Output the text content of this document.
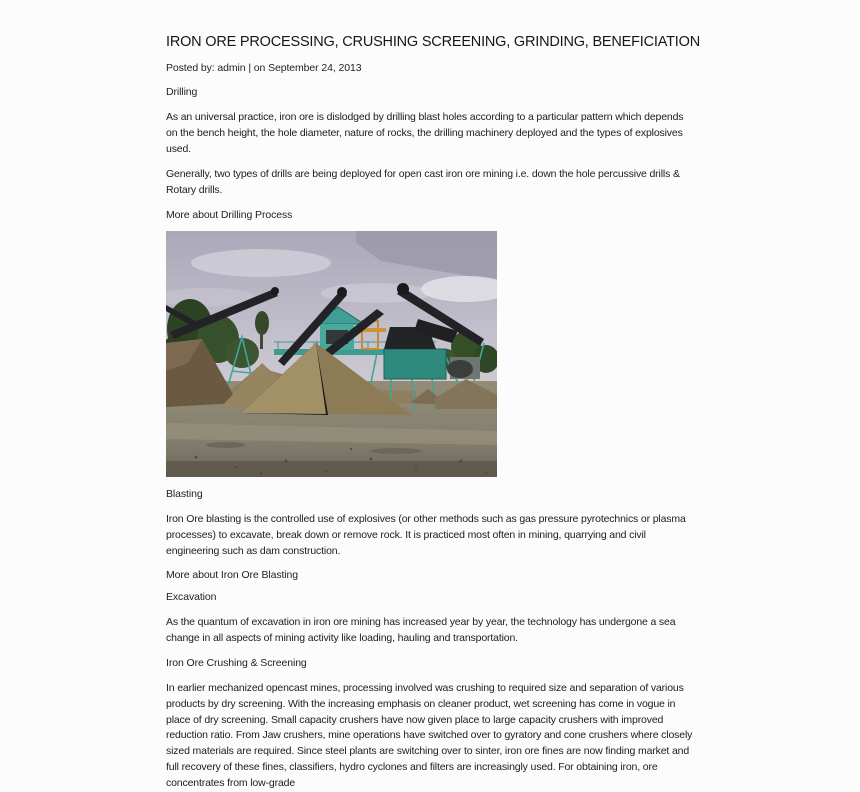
IRON ORE PROCESSING, CRUSHING SCREENING, GRINDING, BENEFICIATION
Posted by: admin | on September 24, 2013
Drilling

As an universal practice, iron ore is dislodged by drilling blast holes according to a particular pattern which depends on the bench height, the hole diameter, nature of rocks, the drilling machinery deployed and the types of explosives used.

Generally, two types of drills are being deployed for open cast iron ore mining i.e. down the hole percussive drills & Rotary drills.

More about Drilling Process
Blasting

Iron Ore blasting is the controlled use of explosives (or other methods such as gas pressure pyrotechnics or plasma processes) to excavate, break down or remove rock. It is practiced most often in mining, quarrying and civil engineering such as dam construction.

More about Iron Ore Blasting
Excavation

As the quantum of excavation in iron ore mining has increased year by year, the technology has undergone a sea change in all aspects of mining activity like loading, hauling and transportation.

Iron Ore Crushing & Screening

In earlier mechanized opencast mines, processing involved was crushing to required size and separation of various products by dry screening. With the increasing emphasis on cleaner product, wet screening has come in vogue in place of dry screening. Small capacity crushers have now given place to large capacity crushers with improved reduction ratio. From Jaw crushers, mine operations have switched over to gyratory and cone crushers where closely sized materials are required. Since steel plants are switching over to sinter, iron ore fines are now finding market and full recovery of these fines, classifiers, hydro cyclones and filters are increasingly used. For obtaining iron, ore concentrates from low-grade
